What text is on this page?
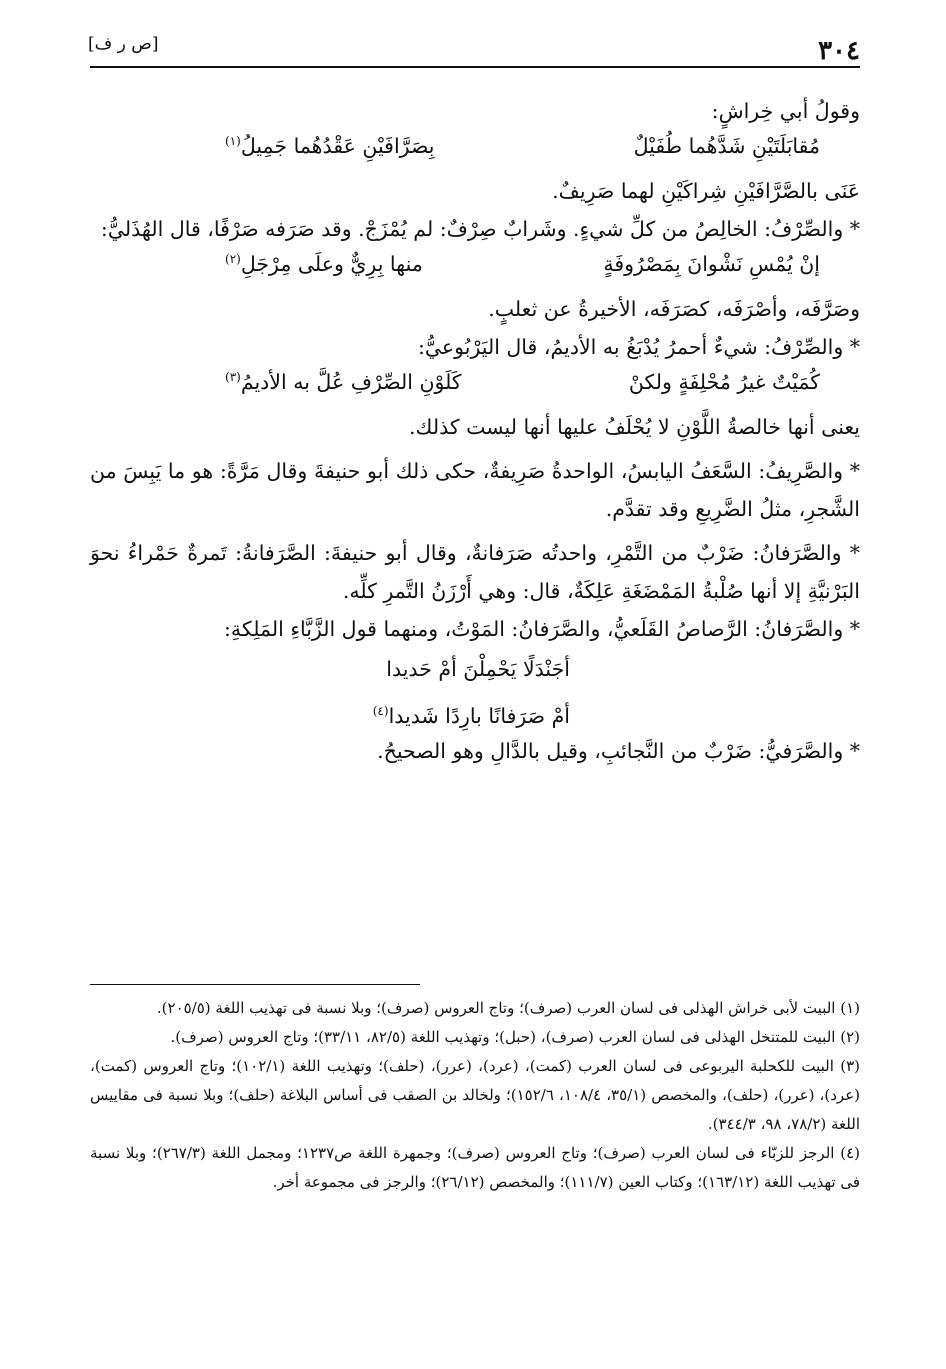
٣٠٤
[ص ر ف]

وقولُ أبي خِراشٍ:

مُقابَلَتَيْنِ شَدَّهُما طُفَيْلٌ
بِصَرَّافَيْنِ عَقْدُهُما جَمِيلُ$^{(١)}$

عَنَى بالصَّرَّافَيْنِ شِراكَيْنِ لهما صَرِيفٌ.

* والصِّرْفُ: الخالِصُ من كلِّ شيءٍ. وشَرابٌ صِرْفٌ: لم يُمْزَجْ. وقد صَرَفه صَرْفًا، قال الهُذَليُّ:

إنْ يُمْسِ نَشْوانَ بِمَصْرُوفَةٍ
منها بِرِيٌّ وعلَى مِرْجَلِ$^{(٢)}$

وصَرَّفَه، وأصْرَفَه، كصَرَفَه، الأخيرةُ عن ثعلبٍ.

* والصِّرْفُ: شيءٌ أحمرُ يُدْبَغُ به الأديمُ، قال اليَرْبُوعيُّ:

كُمَيْتٌ غيرُ مُحْلِفَةٍ ولكنْ
كَلَوْنِ الصِّرْفِ عُلَّ به الأديمُ$^{(٣)}$

يعنى أنها خالصةُ اللَّوْنِ لا يُحْلَفُ عليها أنها ليست كذلك.

* والصَّرِيفُ: السَّعَفُ اليابسُ، الواحدةُ صَرِيفةٌ، حكى ذلك أبو حنيفةَ وقال مَرَّةً: هو ما يَبِسَ من الشَّجرِ، مثلُ الضَّرِيعِ وقد تقدَّم.

* والصَّرَفانُ: ضَرْبٌ من التَّمْرِ، واحدتُه صَرَفانةٌ، وقال أبو حنيفةَ: الصَّرَفانةُ: تَمرةٌ حَمْراءُ نحوَ البَرْنيَّةِ إلا أنها صُلْبةُ المَمْضَغَةِ عَلِكَةٌ، قال: وهي أَرْزَنُ التَّمرِ كلِّه.

* والصَّرَفانُ: الرَّصاصُ القَلَعيُّ، والصَّرَفانُ: المَوْتُ، ومنهما قول الزَّبَّاءِ المَلِكةِ:

أجَنْدَلًا يَحْمِلْنَ أمْ حَديدا
أمْ صَرَفانًا بارِدًا شَديدا$^{(٤)}$

* والصَّرَفيُّ: ضَرْبٌ من النَّجائبِ، وقيل بالدَّالِ وهو الصحيحُ.

(١) البيت لأبى خراش الهذلى فى لسان العرب (صرف)؛ وتاج العروس (صرف)؛ وبلا نسبة فى تهذيب اللغة (٢٠٥/٥).

(٢) البيت للمتنخل الهذلى فى لسان العرب (صرف)، (حبل)؛ وتهذيب اللغة (٨٢/٥، ٣٣/١١)؛ وتاج العروس (صرف).

(٣) البيت للكحلبة اليربوعى فى لسان العرب (كمت)، (عرد)، (عرر)، (حلف)؛ وتهذيب اللغة (١٠٢/١)؛ وتاج العروس (كمت)، (عرد)، (عرر)، (حلف)، والمخصص (٣٥/١، ١٠٨/٤، ١٥٢/٦)؛ ولخالد بن الصقب فى أساس البلاغة (حلف)؛ وبلا نسبة فى مقاييس اللغة (٧٨/٢، ٩٨، ٣٤٤/٣).

(٤) الرجز للزبّاء فى لسان العرب (صرف)؛ وتاج العروس (صرف)؛ وجمهرة اللغة ص١٢٣٧؛ ومجمل اللغة (٢٦٧/٣)؛ وبلا نسبة فى تهذيب اللغة (١٦٣/١٢)؛ وكتاب العين (١١١/٧)؛ والمخصص (٢٦/١٢)؛ والرجز فى مجموعة أخر.
